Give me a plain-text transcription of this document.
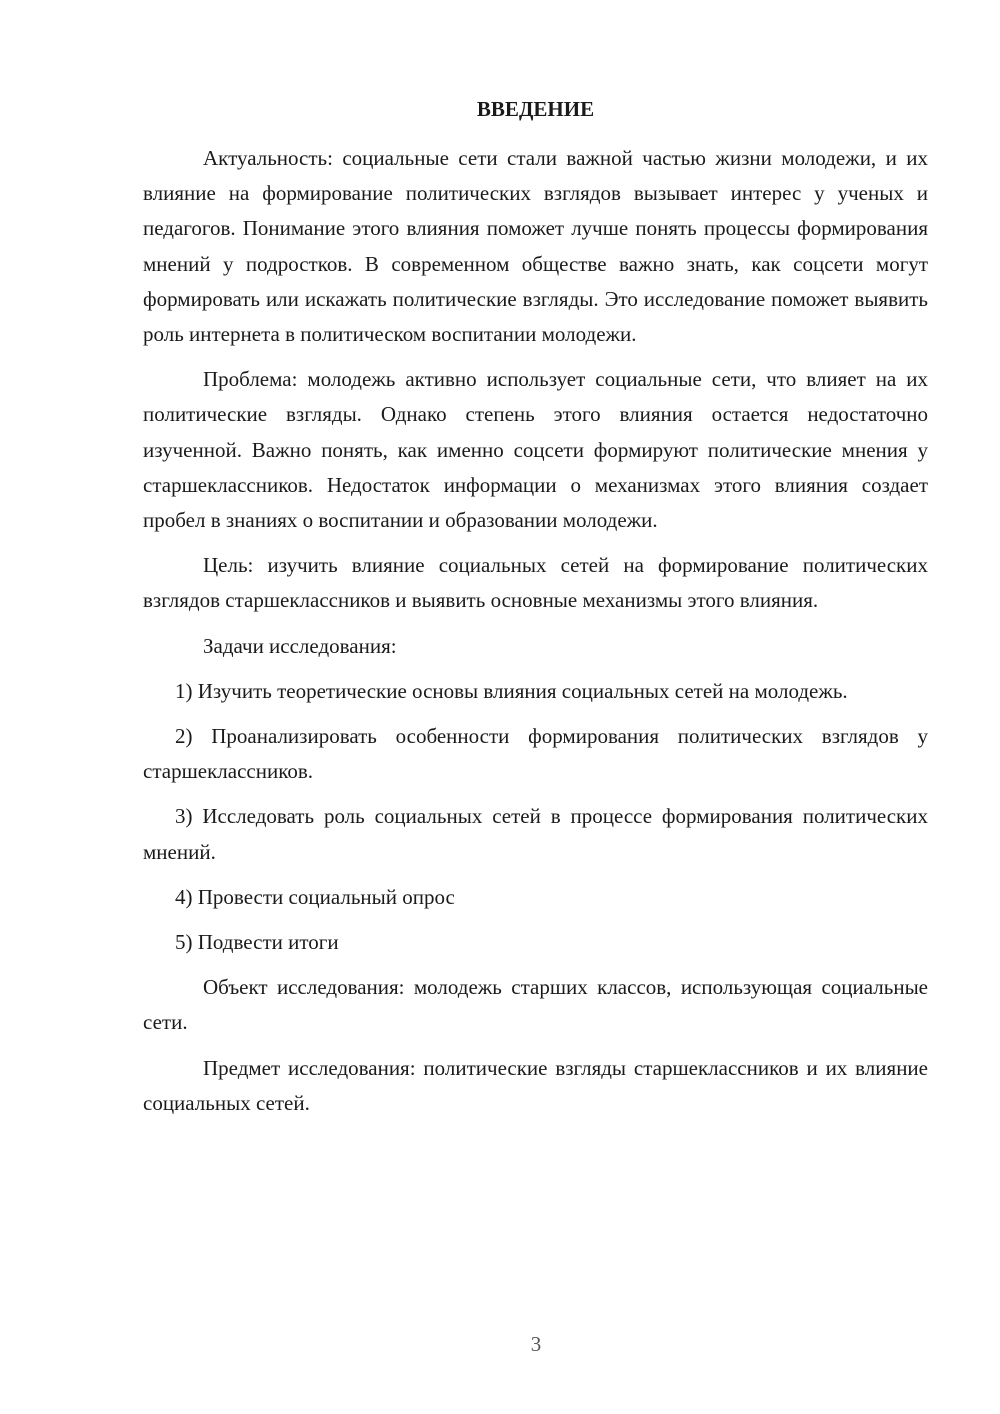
ВВЕДЕНИЕ

Актуальность: социальные сети стали важной частью жизни молодежи, и их влияние на формирование политических взглядов вызывает интерес у ученых и педагогов. Понимание этого влияния поможет лучше понять процессы формирования мнений у подростков. В современном обществе важно знать, как соцсети могут формировать или искажать политические взгляды. Это исследование поможет выявить роль интернета в политическом воспитании молодежи.

Проблема: молодежь активно использует социальные сети, что влияет на их политические взгляды. Однако степень этого влияния остается недостаточно изученной. Важно понять, как именно соцсети формируют политические мнения у старшеклассников. Недостаток информации о механизмах этого влияния создает пробел в знаниях о воспитании и образовании молодежи.

Цель: изучить влияние социальных сетей на формирование политических взглядов старшеклассников и выявить основные механизмы этого влияния.

Задачи исследования:

1) Изучить теоретические основы влияния социальных сетей на молодежь.

2) Проанализировать особенности формирования политических взглядов у старшеклассников.

3) Исследовать роль социальных сетей в процессе формирования политических мнений.

4) Провести социальный опрос

5) Подвести итоги

Объект исследования: молодежь старших классов, использующая социальные сети.

Предмет исследования: политические взгляды старшеклассников и их влияние социальных сетей.

3
